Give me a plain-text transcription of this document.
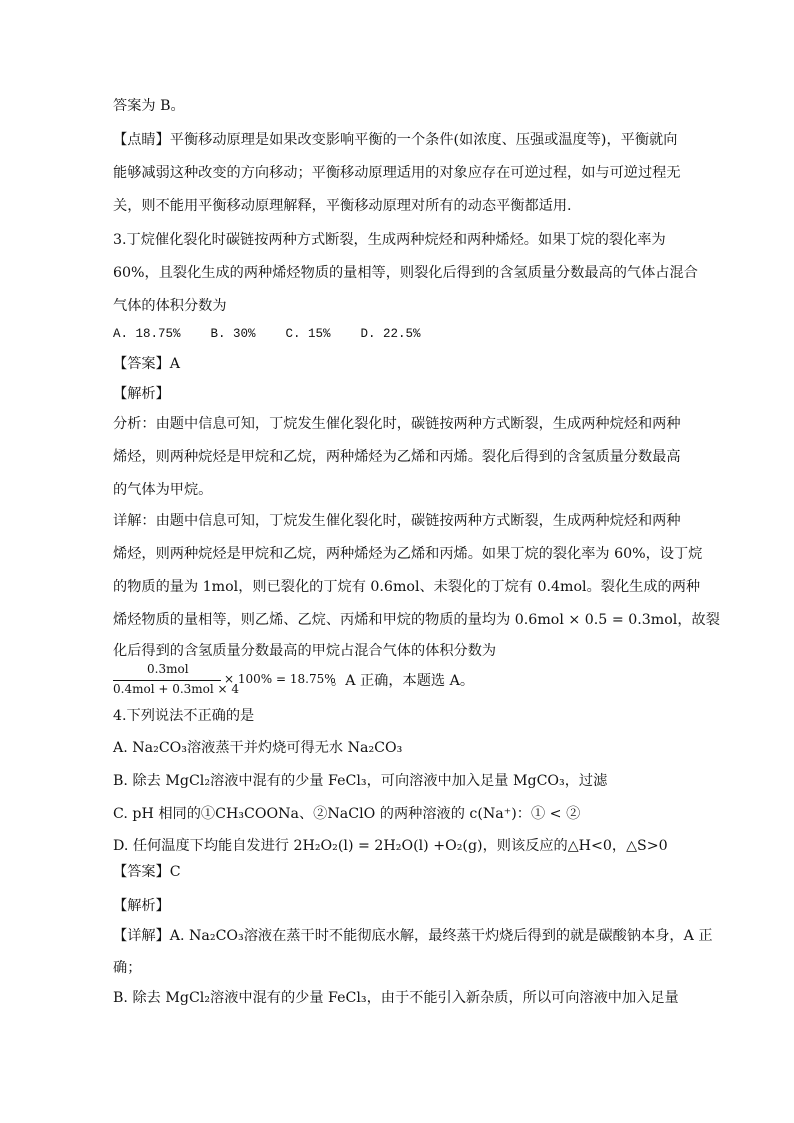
答案为 B。
【点睛】平衡移动原理是如果改变影响平衡的一个条件(如浓度、压强或温度等)，平衡就向
能够减弱这种改变的方向移动；平衡移动原理适用的对象应存在可逆过程，如与可逆过程无
关，则不能用平衡移动原理解释，平衡移动原理对所有的动态平衡都适用.
3.丁烷催化裂化时碳链按两种方式断裂，生成两种烷烃和两种烯烃。如果丁烷的裂化率为
60%，且裂化生成的两种烯烃物质的量相等，则裂化后得到的含氢质量分数最高的气体占混合
气体的体积分数为
A. 18.75%    B. 30%    C. 15%    D. 22.5%
【答案】A
【解析】
分析：由题中信息可知，丁烷发生催化裂化时，碳链按两种方式断裂，生成两种烷烃和两种
烯烃，则两种烷烃是甲烷和乙烷，两种烯烃为乙烯和丙烯。裂化后得到的含氢质量分数最高
的气体为甲烷。
详解：由题中信息可知，丁烷发生催化裂化时，碳链按两种方式断裂，生成两种烷烃和两种
烯烃，则两种烷烃是甲烷和乙烷，两种烯烃为乙烯和丙烯。如果丁烷的裂化率为 60%，设丁烷
的物质的量为 1mol，则已裂化的丁烷有 0.6mol、未裂化的丁烷有 0.4mol。裂化生成的两种
烯烃物质的量相等，则乙烯、乙烷、丙烯和甲烷的物质的量均为 0.6mol × 0.5 = 0.3mol，故裂
化后得到的含氢质量分数最高的甲烷占混合气体的体积分数为
0.3mol
0.4mol + 0.3mol × 4
× 100% = 18.75%
。A 正确，本题选 A。
4.下列说法不正确的是
A. Na₂CO₃溶液蒸干并灼烧可得无水 Na₂CO₃
B. 除去 MgCl₂溶液中混有的少量 FeCl₃，可向溶液中加入足量 MgCO₃，过滤
C. pH 相同的①CH₃COONa、②NaClO 的两种溶液的 c(Na⁺)：① < ②
D. 任何温度下均能自发进行 2H₂O₂(l) = 2H₂O(l) +O₂(g)，则该反应的△H<0，△S>0
【答案】C
【解析】
【详解】A. Na₂CO₃溶液在蒸干时不能彻底水解，最终蒸干灼烧后得到的就是碳酸钠本身，A 正
确；
B. 除去 MgCl₂溶液中混有的少量 FeCl₃，由于不能引入新杂质，所以可向溶液中加入足量
